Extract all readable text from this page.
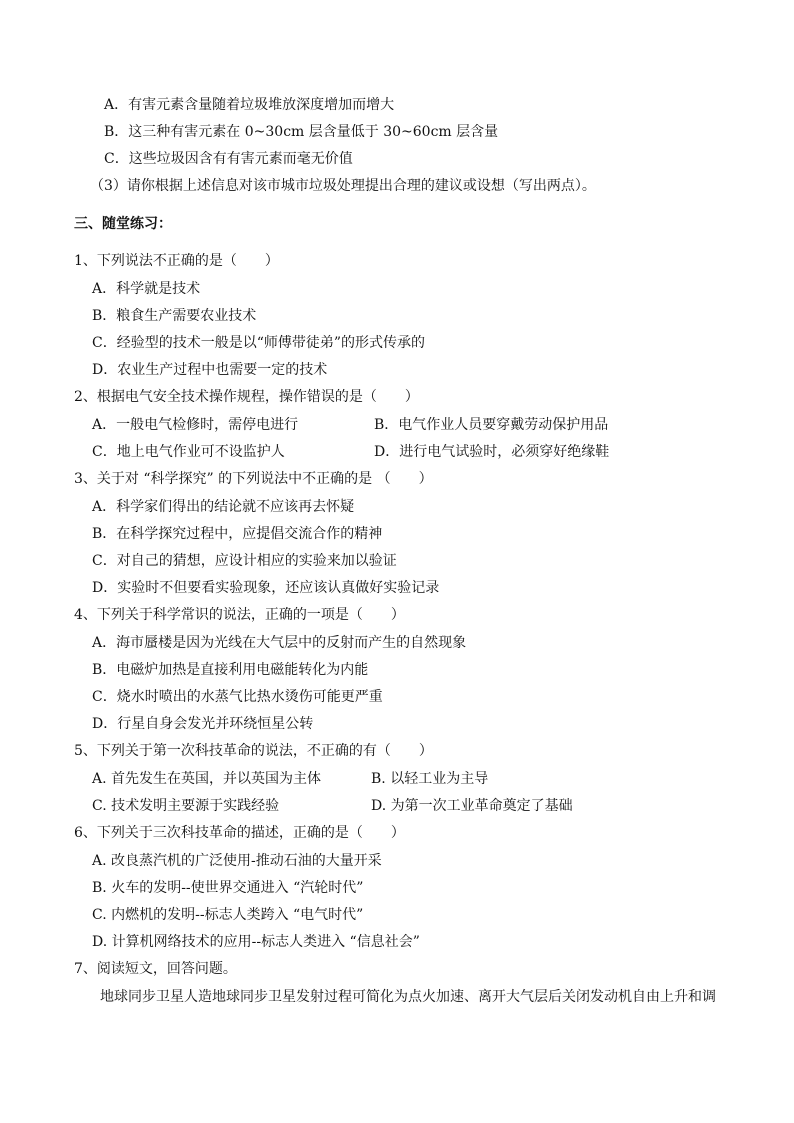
A．有害元素含量随着垃圾堆放深度增加而增大
B．这三种有害元素在 0~30cm 层含量低于 30~60cm 层含量
C．这些垃圾因含有有害元素而毫无价值
（3）请你根据上述信息对该市城市垃圾处理提出合理的建议或设想（写出两点）。
三、随堂练习：
1、下列说法不正确的是（　　）
A．科学就是技术
B．粮食生产需要农业技术
C．经验型的技术一般是以“师傅带徒弟”的形式传承的
D．农业生产过程中也需要一定的技术
2、根据电气安全技术操作规程，操作错误的是（　　）
A．一般电气检修时，需停电进行	B．电气作业人员要穿戴劳动保护用品
C．地上电气作业可不设监护人	D．进行电气试验时，必须穿好绝缘鞋
3、关于对 “科学探究” 的下列说法中不正确的是 （　　）
A．科学家们得出的结论就不应该再去怀疑
B．在科学探究过程中，应提倡交流合作的精神
C．对自己的猜想，应设计相应的实验来加以验证
D．实验时不但要看实验现象，还应该认真做好实验记录
4、下列关于科学常识的说法，正确的一项是（　　）
A．海市蜃楼是因为光线在大气层中的反射而产生的自然现象
B．电磁炉加热是直接利用电磁能转化为内能
C．烧水时喷出的水蒸气比热水烫伤可能更严重
D．行星自身会发光并环绕恒星公转
5、下列关于第一次科技革命的说法，不正确的有（　　）
A. 首先发生在英国，并以英国为主体	B. 以轻工业为主导
C. 技术发明主要源于实践经验	D. 为第一次工业革命奠定了基础
6、下列关于三次科技革命的描述，正确的是（　　）
A. 改良蒸汽机的广泛使用-推动石油的大量开采
B. 火车的发明--使世界交通进入 “汽轮时代”
C. 内燃机的发明--标志人类跨入 “电气时代”
D. 计算机网络技术的应用--标志人类进入 “信息社会”
7、阅读短文，回答问题。
地球同步卫星人造地球同步卫星发射过程可简化为点火加速、离开大气层后关闭发动机自由上升和调
